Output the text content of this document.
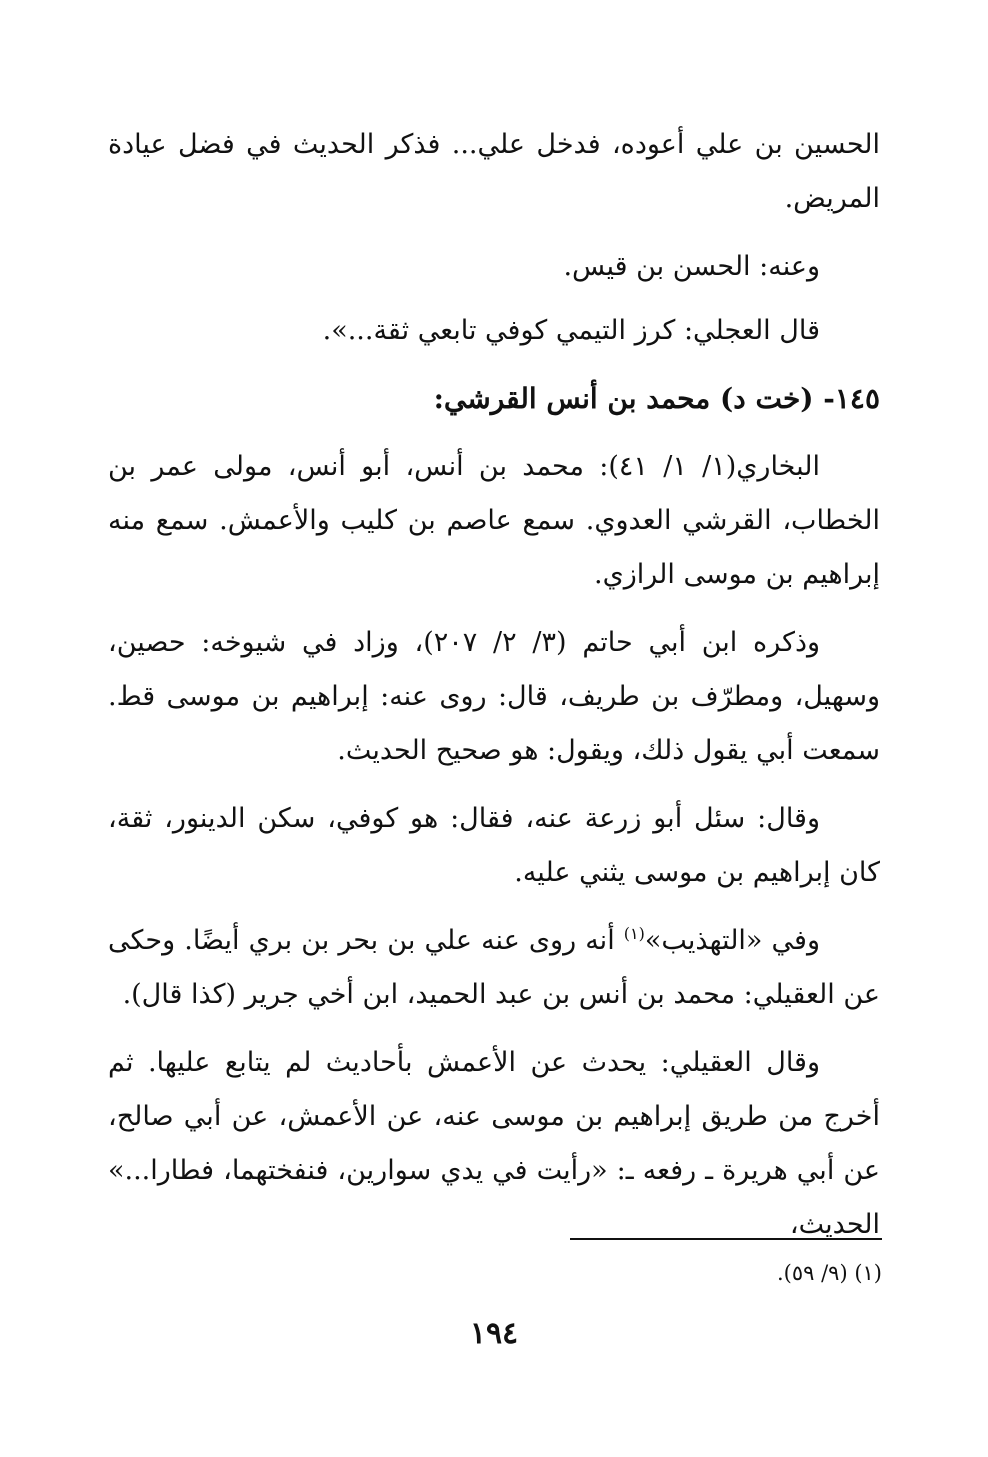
الحسين بن علي أعوده، فدخل علي... فذكر الحديث في فضل عيادة المريض.

وعنه: الحسن بن قيس.

قال العجلي: كرز التيمي كوفي تابعي ثقة...».

١٤٥- (خت د) محمد بن أنس القرشي:

البخاري(١/ ١/ ٤١): محمد بن أنس، أبو أنس، مولى عمر بن الخطاب، القرشي العدوي. سمع عاصم بن كليب والأعمش. سمع منه إبراهيم بن موسى الرازي.

وذكره ابن أبي حاتم (٣/ ٢/ ٢٠٧)، وزاد في شيوخه: حصين، وسهيل، ومطرّف بن طريف، قال: روى عنه: إبراهيم بن موسى قط. سمعت أبي يقول ذلك، ويقول: هو صحيح الحديث.

وقال: سئل أبو زرعة عنه، فقال: هو كوفي، سكن الدينور، ثقة، كان إبراهيم بن موسى يثني عليه.

وفي «التهذيب»$^{(١)}$ أنه روى عنه علي بن بحر بن بري أيضًا. وحكى عن العقيلي: محمد بن أنس بن عبد الحميد، ابن أخي جرير (كذا قال).

وقال العقيلي: يحدث عن الأعمش بأحاديث لم يتابع عليها. ثم أخرج من طريق إبراهيم بن موسى عنه، عن الأعمش، عن أبي صالح، عن أبي هريرة ـ رفعه ـ: «رأيت في يدي سوارين، فنفختهما، فطارا...» الحديث،

(١) (٩/ ٥٩).
١٩٤
